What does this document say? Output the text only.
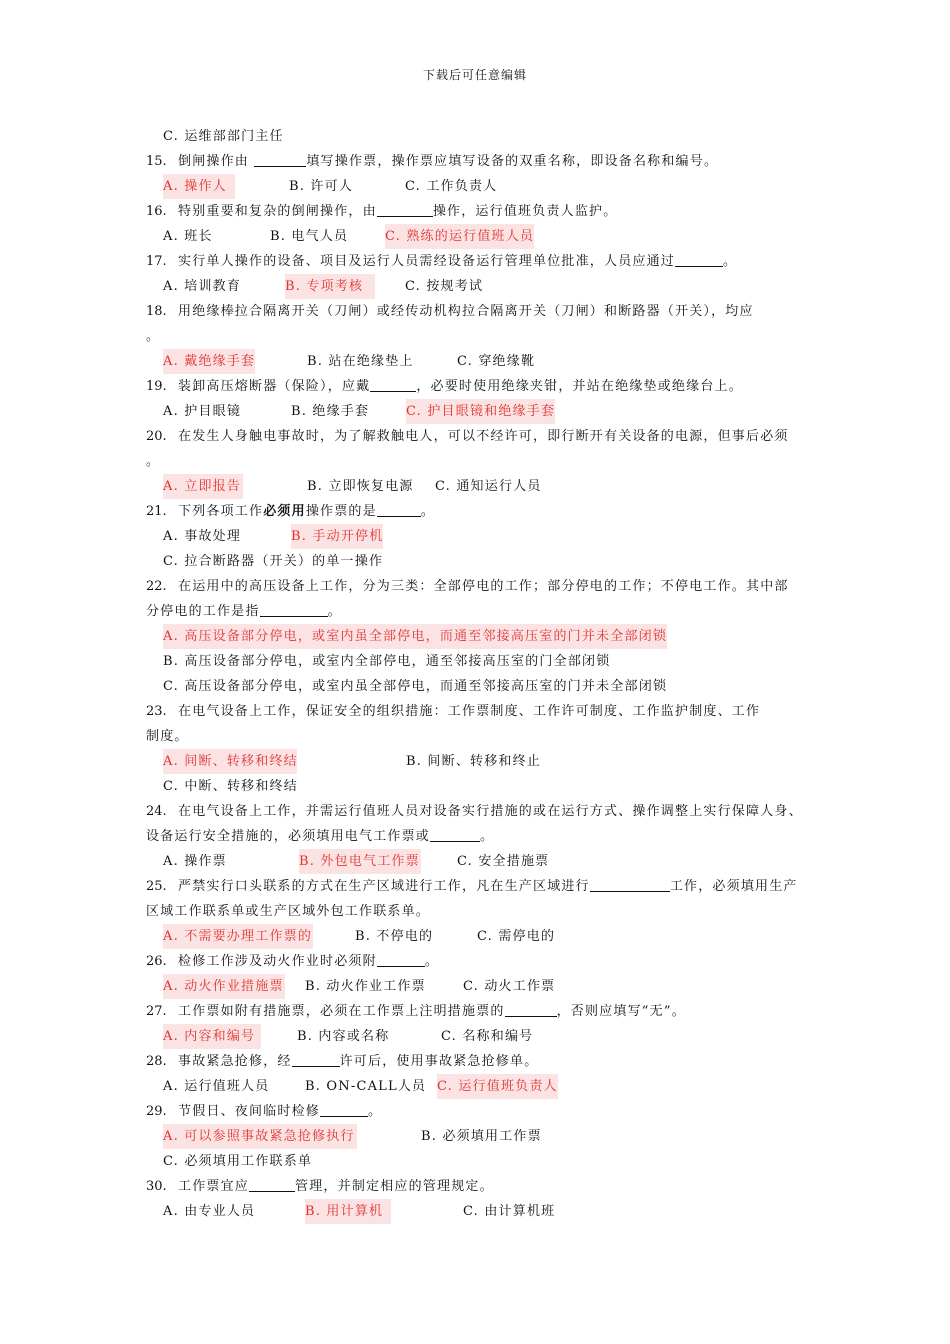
下载后可任意编辑
C. 运维部部门主任
15. 倒闸操作由	填写操作票，操作票应填写设备的双重名称，即设备名称和编号。
A. 操作人	B. 许可人	C. 工作负责人
16. 特别重要和复杂的倒闸操作，由	操作，运行值班负责人监护。
A. 班长	B. 电气人员	C. 熟练的运行值班人员
17. 实行单人操作的设备、项目及运行人员需经设备运行管理单位批准，人员应通过	。
A. 培训教育	B. 专项考核	C. 按规考试
18. 用绝缘棒拉合隔离开关（刀闸）或经传动机构拉合隔离开关（刀闸）和断路器（开关），均应
。
A. 戴绝缘手套	B. 站在绝缘垫上	C. 穿绝缘靴
19. 装卸高压熔断器（保险），应戴	，必要时使用绝缘夹钳，并站在绝缘垫或绝缘台上。
A. 护目眼镜	B. 绝缘手套	C. 护目眼镜和绝缘手套
20. 在发生人身触电事故时，为了解救触电人，可以不经许可，即行断开有关设备的电源，但事后必须
。
A. 立即报告	B. 立即恢复电源 C. 通知运行人员
21. 下列各项工作必须用操作票的是	。
A. 事故处理	B. 手动开停机
C. 拉合断路器（开关）的单一操作
22. 在运用中的高压设备上工作，分为三类：全部停电的工作；部分停电的工作；不停电工作。其中部
分停电的工作是指	。
A. 高压设备部分停电，或室内虽全部停电，而通至邻接高压室的门并未全部闭锁
B. 高压设备部分停电，或室内全部停电，通至邻接高压室的门全部闭锁
C. 高压设备部分停电，或室内虽全部停电，而通至邻接高压室的门并未全部闭锁
23. 在电气设备上工作，保证安全的组织措施：工作票制度、工作许可制度、工作监护制度、工作
制度。
A. 间断、转移和终结	B. 间断、转移和终止
C. 中断、转移和终结
24. 在电气设备上工作，并需运行值班人员对设备实行措施的或在运行方式、操作调整上实行保障人身、
设备运行安全措施的，必须填用电气工作票或	。
A. 操作票	B. 外包电气工作票	C. 安全措施票
25. 严禁实行口头联系的方式在生产区域进行工作，凡在生产区域进行	工作，必须填用生产
区域工作联系单或生产区域外包工作联系单。
A. 不需要办理工作票的	B. 不停电的	C. 需停电的
26. 检修工作涉及动火作业时必须附	。
A. 动火作业措施票 B. 动火作业工作票	C. 动火工作票
27. 工作票如附有措施票，必须在工作票上注明措施票的	，否则应填写“无”。
A. 内容和编号	B. 内容或名称	C. 名称和编号
28. 事故紧急抢修，经	许可后，使用事故紧急抢修单。
A. 运行值班人员	B. ON-CALL人员 C. 运行值班负责人
29. 节假日、夜间临时检修	。
A. 可以参照事故紧急抢修执行	B. 必须填用工作票
C. 必须填用工作联系单
30. 工作票宜应	管理，并制定相应的管理规定。
A. 由专业人员	B. 用计算机	C. 由计算机班
